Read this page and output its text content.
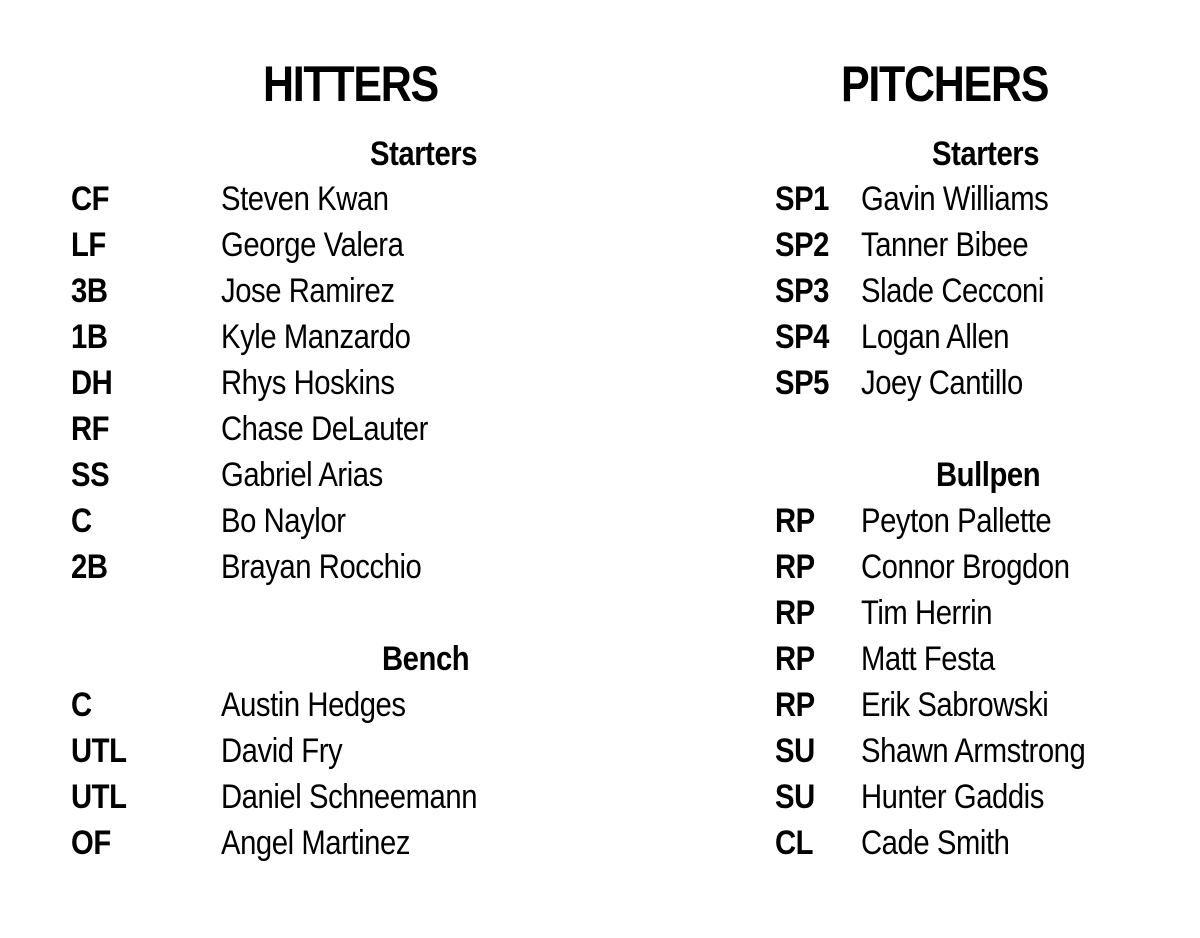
HITTERS
Starters
CF	Steven Kwan
LF	George Valera
3B	Jose Ramirez
1B	Kyle Manzardo
DH	Rhys Hoskins
RF	Chase DeLauter
SS	Gabriel Arias
C	Bo Naylor
2B	Brayan Rocchio
Bench
C	Austin Hedges
UTL	David Fry
UTL	Daniel Schneemann
OF	Angel Martinez
PITCHERS
Starters
SP1 Gavin Williams
SP2 Tanner Bibee
SP3 Slade Cecconi
SP4 Logan Allen
SP5 Joey Cantillo
Bullpen
RP Peyton Pallette
RP Connor Brogdon
RP Tim Herrin
RP Matt Festa
RP Erik Sabrowski
SU Shawn Armstrong
SU Hunter Gaddis
CL Cade Smith
